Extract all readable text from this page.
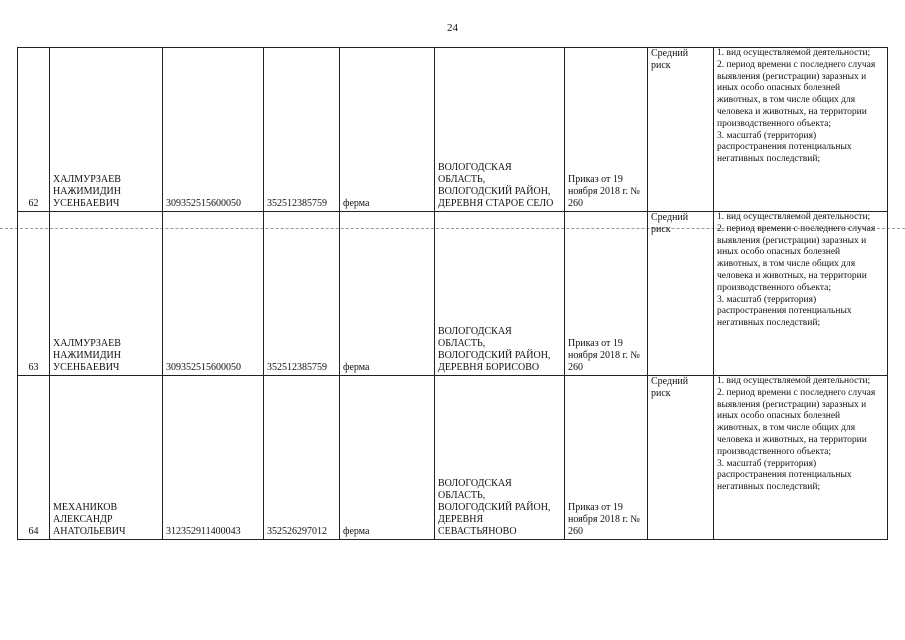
24
62	ХАЛМУРЗАЕВ НАЖИМИДИН УСЕНБАЕВИЧ	309352515600050	352512385759	ферма	ВОЛОГОДСКАЯ ОБЛАСТЬ, ВОЛОГОДСКИЙ РАЙОН, ДЕРЕВНЯ СТАРОЕ СЕЛО	Приказ от 19 ноября 2018 г. № 260	Средний риск	1. вид осуществляемой деятельности;
2. период времени с последнего случая выявления (регистрации) заразных и иных особо опасных болезней животных, в том числе общих для человека и животных, на территории производственного объекта;
3. масштаб (территория) распространения потенциальных негативных последствий;

63	ХАЛМУРЗАЕВ НАЖИМИДИН УСЕНБАЕВИЧ	309352515600050	352512385759	ферма	ВОЛОГОДСКАЯ ОБЛАСТЬ, ВОЛОГОДСКИЙ РАЙОН, ДЕРЕВНЯ БОРИСОВО	Приказ от 19 ноября 2018 г. № 260	Средний риск	1. вид осуществляемой деятельности;
2. период времени с последнего случая выявления (регистрации) заразных и иных особо опасных болезней животных, в том числе общих для человека и животных, на территории производственного объекта;
3. масштаб (территория) распространения потенциальных негативных последствий;

64	МЕХАНИКОВ АЛЕКСАНДР АНАТОЛЬЕВИЧ	312352911400043	352526297012	ферма	ВОЛОГОДСКАЯ ОБЛАСТЬ, ВОЛОГОДСКИЙ РАЙОН, ДЕРЕВНЯ СЕВАСТЬЯНОВО	Приказ от 19 ноября 2018 г. № 260	Средний риск	1. вид осуществляемой деятельности;
2. период времени с последнего случая выявления (регистрации) заразных и иных особо опасных болезней животных, в том числе общих для человека и животных, на территории производственного объекта;
3. масштаб (территория) распространения потенциальных негативных последствий;
